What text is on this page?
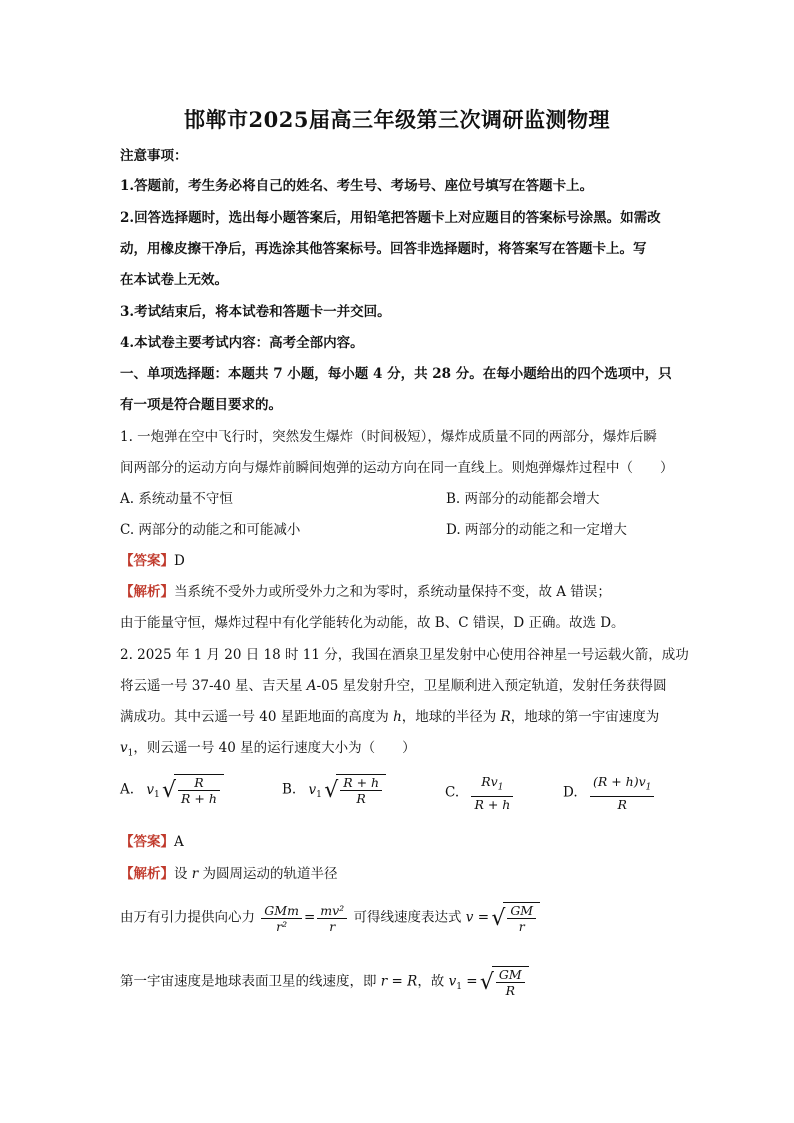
邯郸市2025届高三年级第三次调研监测物理
注意事项：
1.答题前，考生务必将自己的姓名、考生号、考场号、座位号填写在答题卡上。
2.回答选择题时，选出每小题答案后，用铅笔把答题卡上对应题目的答案标号涂黑。如需改
动，用橡皮擦干净后，再选涂其他答案标号。回答非选择题时，将答案写在答题卡上。写
在本试卷上无效。
3.考试结束后，将本试卷和答题卡一并交回。
4.本试卷主要考试内容：高考全部内容。
一、单项选择题：本题共 7 小题，每小题 4 分，共 28 分。在每小题给出的四个选项中，只
有一项是符合题目要求的。
1. 一炮弹在空中飞行时，突然发生爆炸（时间极短），爆炸成质量不同的两部分，爆炸后瞬
间两部分的运动方向与爆炸前瞬间炮弹的运动方向在同一直线上。则炮弹爆炸过程中（　　）
A. 系统动量不守恒	B. 两部分的动能都会增大
C. 两部分的动能之和可能减小	D. 两部分的动能之和一定增大
【答案】D
【解析】当系统不受外力或所受外力之和为零时，系统动量保持不变，故 A 错误；
由于能量守恒，爆炸过程中有化学能转化为动能，故 B、C 错误，D 正确。故选 D。
2. 2025 年 1 月 20 日 18 时 11 分，我国在酒泉卫星发射中心使用谷神星一号运载火箭，成功
将云遥一号 37-40 星、吉天星 A-05 星发射升空，卫星顺利进入预定轨道，发射任务获得圆
满成功。其中云遥一号 40 星距地面的高度为 h，地球的半径为 R，地球的第一宇宙速度为
$v_1$，则云遥一号 40 星的运行速度大小为（　　）
A. $v_1$ √ $\frac{R}{R + h}$	B. $v_1$ √ $\frac{R + h}{R}$	C. $\frac{Rv_1}{R + h}$	D. $\frac{(R + h)v_1}{R}$
【答案】A
【解析】设 r 为圆周运动的轨道半径
由万有引力提供向心力 $\frac{\text{GMm}}{\text{r²}} = \frac{\text{mv²}}{r}$ 可得线速度表达式 v = √ $\frac{GM}{r}$
第一宇宙速度是地球表面卫星的线速度，即 r = R，故 $v_1$ = √ $\frac{GM}{R}$
